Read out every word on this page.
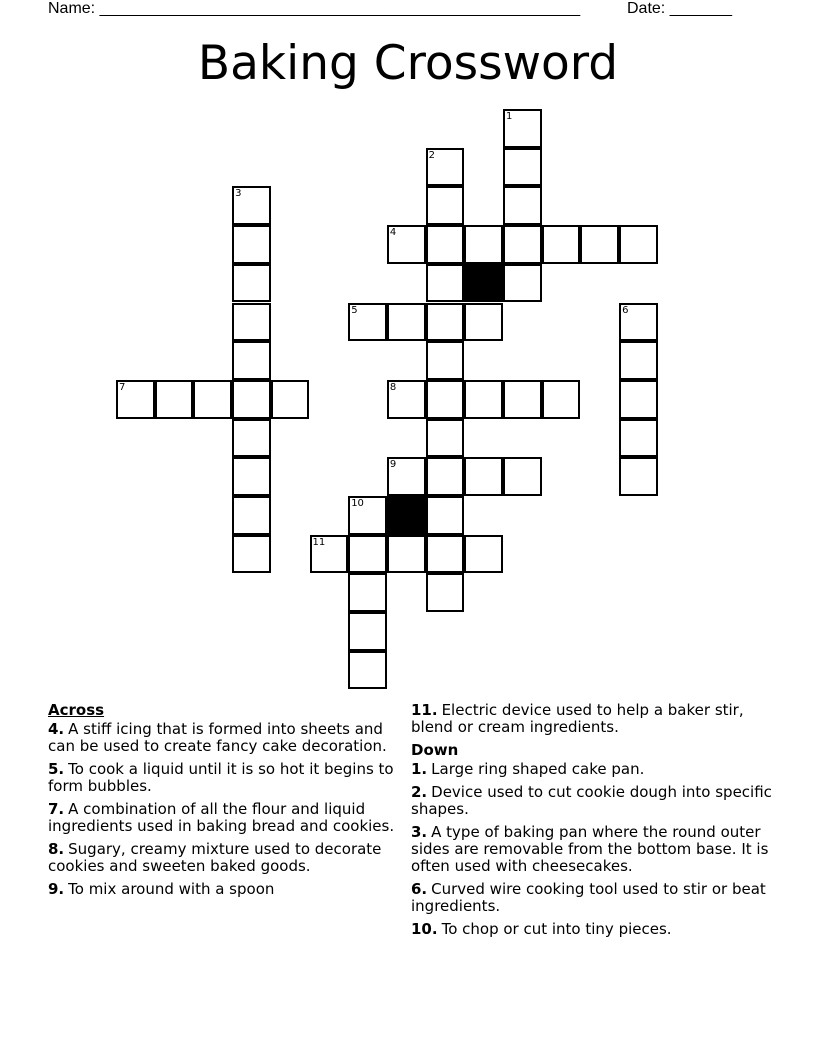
Name: ______________________________________________________	Date: _______
Baking Crossword
1
2
3
4
5	6
7	8
9
10
11
Across
4. A stiff icing that is formed into sheets and can be used to create fancy cake decoration.
5. To cook a liquid until it is so hot it begins to form bubbles.
7. A combination of all the flour and liquid ingredients used in baking bread and cookies.
8. Sugary, creamy mixture used to decorate cookies and sweeten baked goods.
9. To mix around with a spoon
11. Electric device used to help a baker stir, blend or cream ingredients.
Down
1. Large ring shaped cake pan.
2. Device used to cut cookie dough into specific shapes.
3. A type of baking pan where the round outer sides are removable from the bottom base. It is often used with cheesecakes.
6. Curved wire cooking tool used to stir or beat ingredients.
10. To chop or cut into tiny pieces.
